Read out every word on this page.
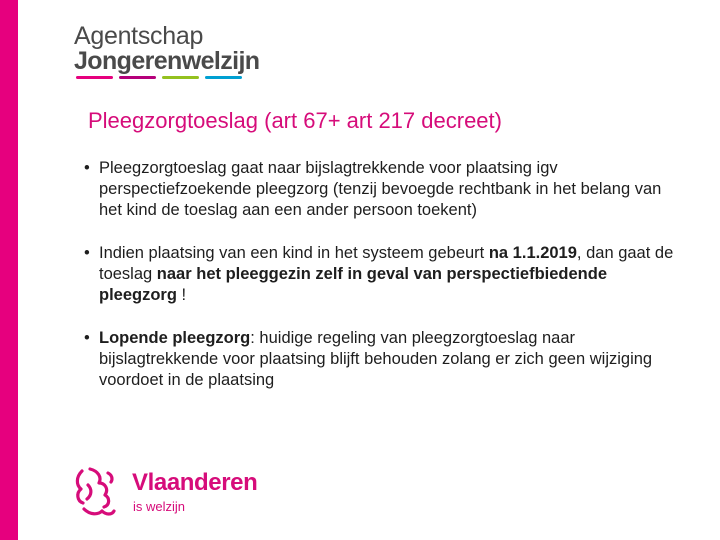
Agentschap
Jongerenwelzijn
Pleegzorgtoeslag (art 67+ art 217 decreet)
• Pleegzorgtoeslag gaat naar bijslagtrekkende voor plaatsing igv perspectiefzoekende pleegzorg (tenzij bevoegde rechtbank in het belang van het kind de toeslag aan een ander persoon toekent)
• Indien plaatsing van een kind in het systeem gebeurt na 1.1.2019, dan gaat de toeslag naar het pleeggezin zelf in geval van perspectiefbiedende pleegzorg !
• Lopende pleegzorg: huidige regeling van pleegzorgtoeslag naar bijslagtrekkende voor plaatsing blijft behouden zolang er zich geen wijziging voordoet in de plaatsing
Vlaanderen
is welzijn
